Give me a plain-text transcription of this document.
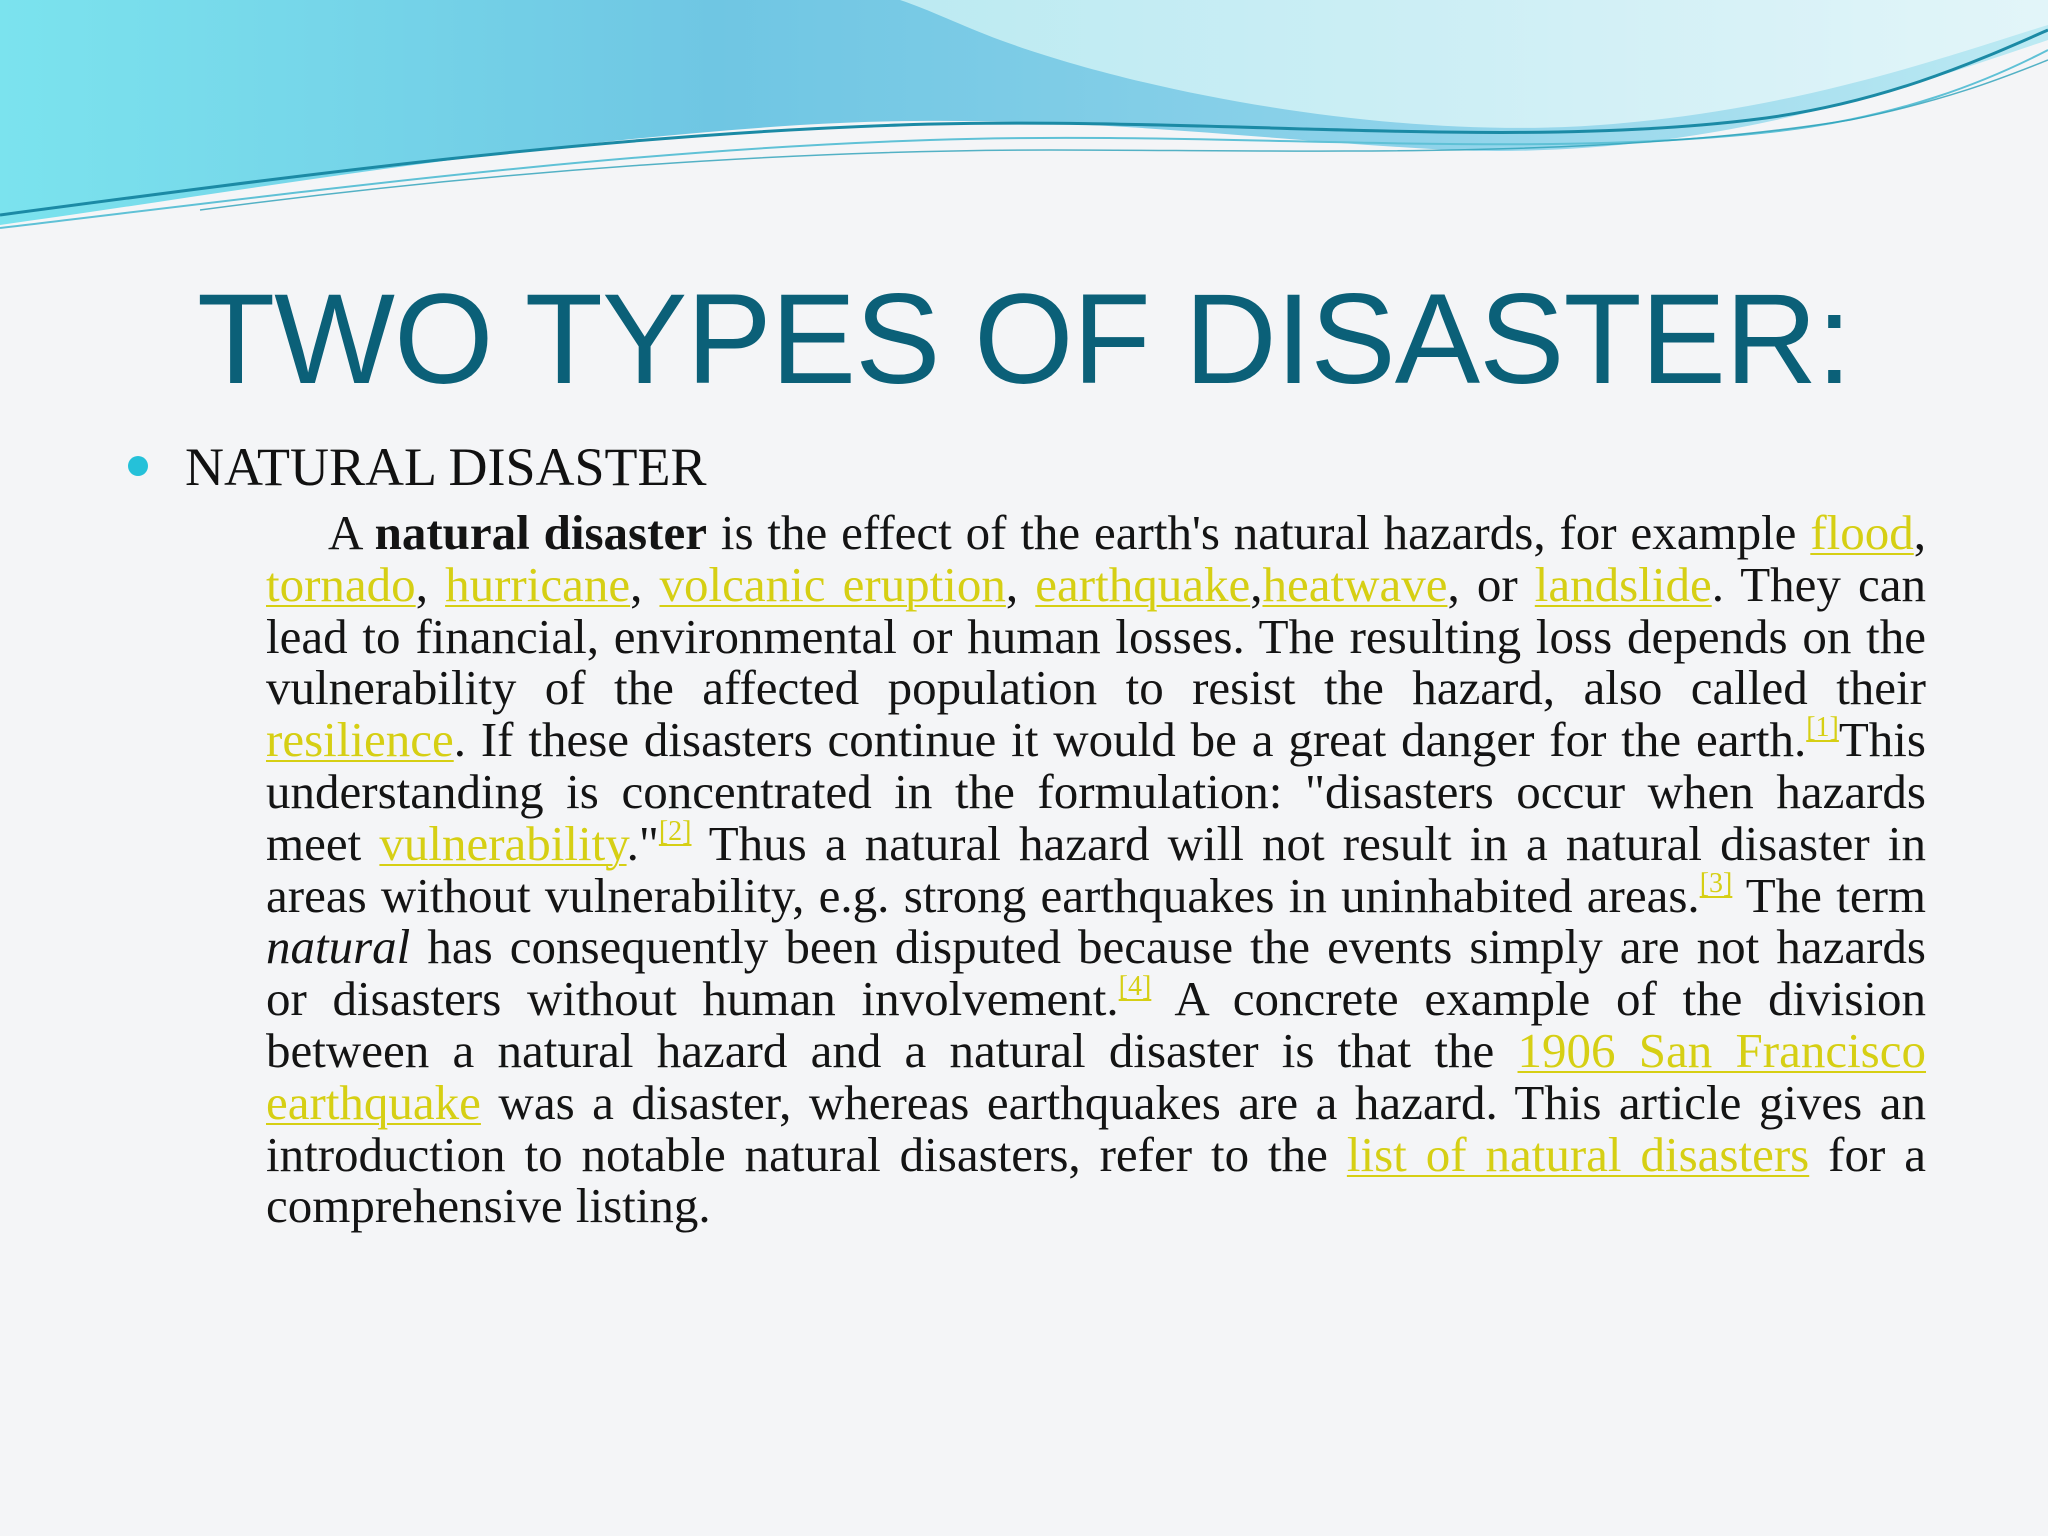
TWO TYPES OF DISASTER:
NATURAL DISASTER

A natural disaster is the effect of the earth's natural hazards, for example flood, tornado, hurricane, volcanic eruption, earthquake,heatwave, or landslide. They can lead to financial, environmental or human losses. The resulting loss depends on the vulnerability of the affected population to resist the hazard, also called their resilience. If these disasters continue it would be a great danger for the earth.[1]This understanding is concentrated in the formulation: "disasters occur when hazards meet vulnerability."[2] Thus a natural hazard will not result in a natural disaster in areas without vulnerability, e.g. strong earthquakes in uninhabited areas.[3] The term natural has consequently been disputed because the events simply are not hazards or disasters without human involvement.[4] A concrete example of the division between a natural hazard and a natural disaster is that the 1906 San Francisco earthquake was a disaster, whereas earthquakes are a hazard. This article gives an introduction to notable natural disasters, refer to the list of natural disasters for a comprehensive listing.
